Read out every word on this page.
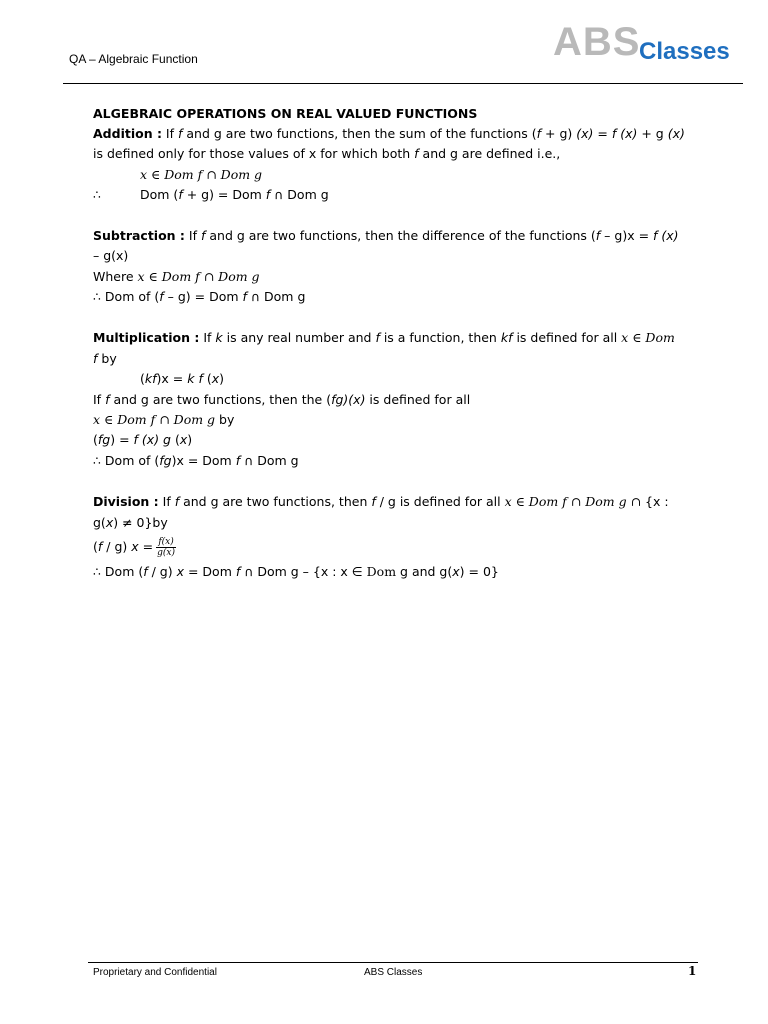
QA – Algebraic Function	ABS
Classes
ALGEBRAIC OPERATIONS ON REAL VALUED FUNCTIONS
Addition : If f and g are two functions, then the sum of the functions (f + g) (x) = f (x) + g (x)
is defined only for those values of x for which both f and g are defined i.e.,
x ∈ Dom f ∩ Dom g
∴	Dom (f + g) = Dom f ∩ Dom g
Subtraction : If f and g are two functions, then the difference of the functions (f – g)x = f (x)
– g(x)
Where x ∈ Dom f ∩ Dom g
∴ Dom of (f – g) = Dom f ∩ Dom g
Multiplication : If k is any real number and f is a function, then kf is defined for all x ∈ Dom
f by
(kf)x = k f (x)
If f and g are two functions, then the (fg)(x) is defined for all
x ∈ Dom f ∩ Dom g by
(fg) = f (x) g (x)
∴ Dom of (fg)x = Dom f ∩ Dom g
Division : If f and g are two functions, then f / g is defined for all x ∈ Dom f ∩ Dom g ∩ {x :
g(x) ≠ 0}by
(f / g) $x = \frac{f(x)}{g(x)}$
∴ Dom (f / g) x = Dom f ∩ Dom g – {x : x ∈ Dom g and g(x) = 0}
Proprietary and Confidential	ABS Classes	1
